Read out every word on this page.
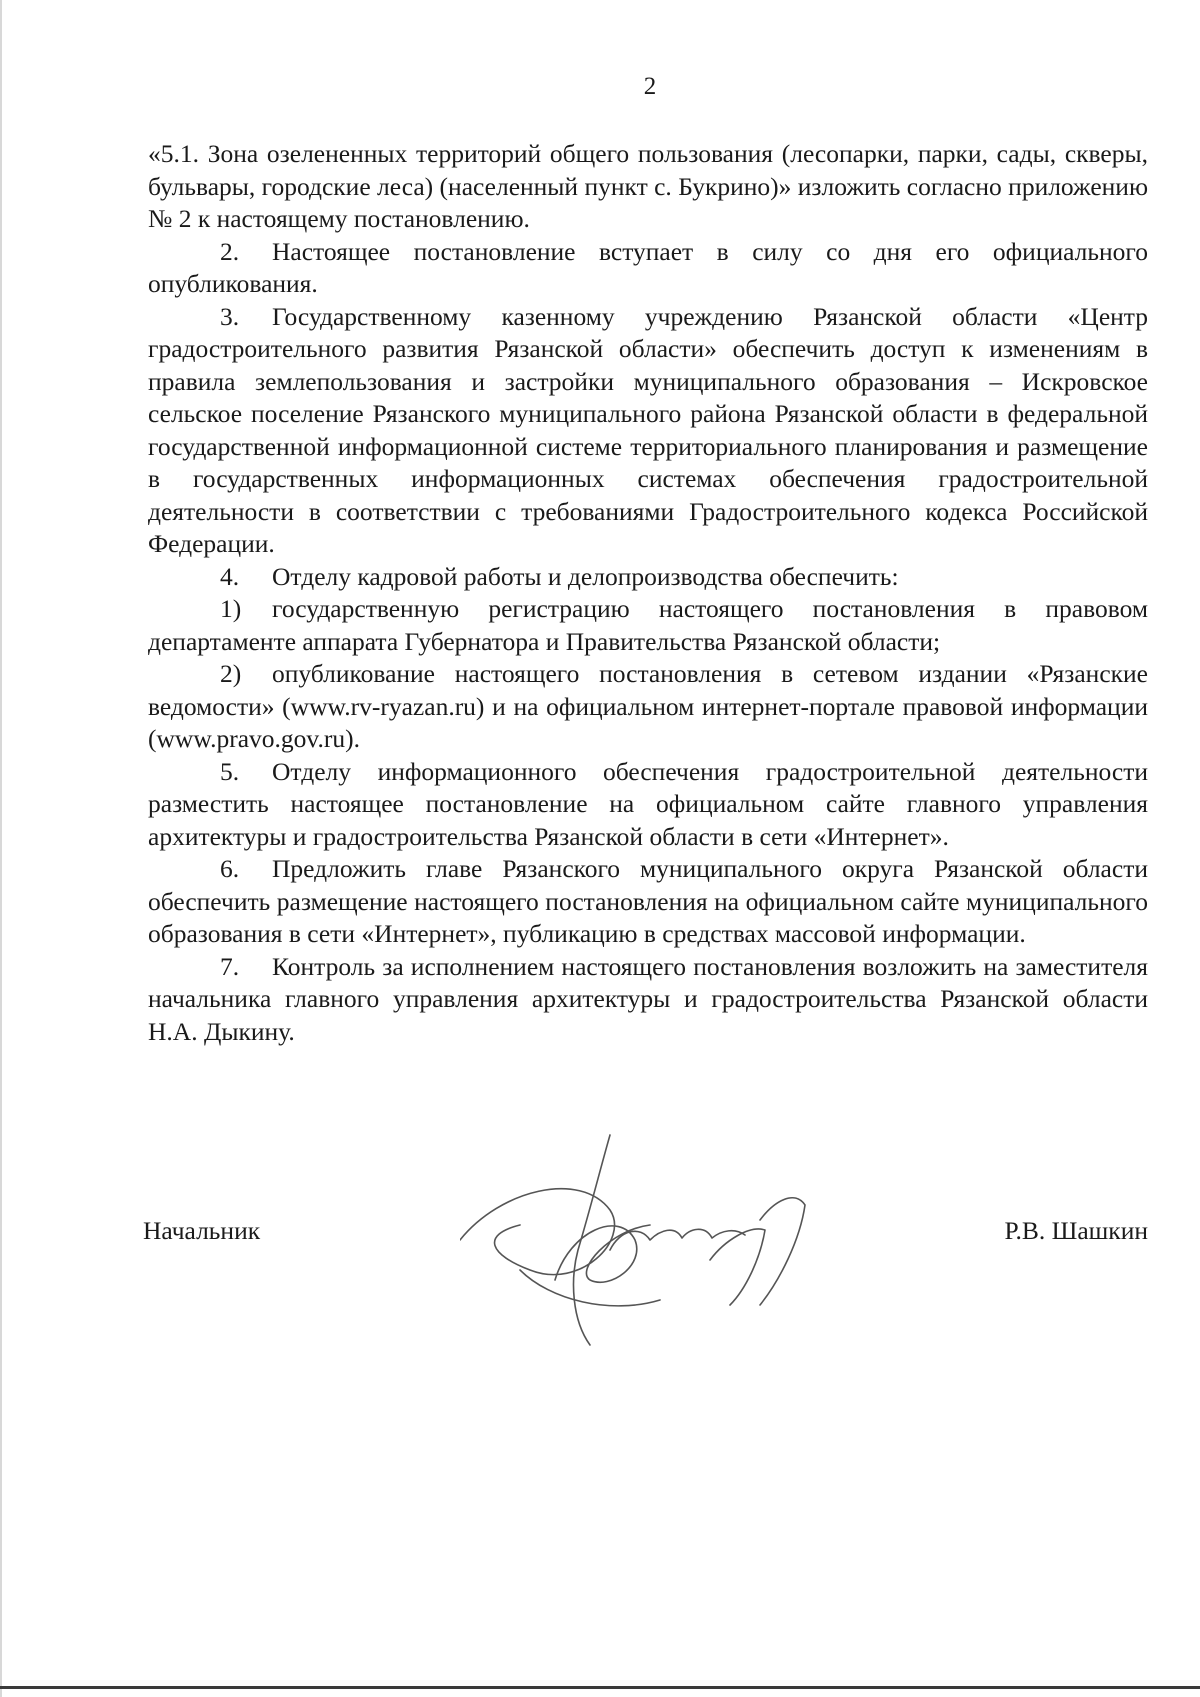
2

«5.1. Зона озелененных территорий общего пользования (лесопарки, парки, сады, скверы, бульвары, городские леса) (населенный пункт с. Букрино)» изложить согласно приложению № 2 к настоящему постановлению.

2. Настоящее постановление вступает в силу со дня его официального опубликования.

3. Государственному казенному учреждению Рязанской области «Центр градостроительного развития Рязанской области» обеспечить доступ к изменениям в правила землепользования и застройки муниципального образования – Искровское сельское поселение Рязанского муниципального района Рязанской области в федеральной государственной информационной системе территориального планирования и размещение в государственных информационных системах обеспечения градостроительной деятельности в соответствии с требованиями Градостроительного кодекса Российской Федерации.

4. Отделу кадровой работы и делопроизводства обеспечить:

1) государственную регистрацию настоящего постановления в правовом департаменте аппарата Губернатора и Правительства Рязанской области;

2) опубликование настоящего постановления в сетевом издании «Рязанские ведомости» (www.rv-ryazan.ru) и на официальном интернет-портале правовой информации (www.pravo.gov.ru).

5. Отделу информационного обеспечения градостроительной деятельности разместить настоящее постановление на официальном сайте главного управления архитектуры и градостроительства Рязанской области в сети «Интернет».

6. Предложить главе Рязанского муниципального округа Рязанской области обеспечить размещение настоящего постановления на официальном сайте муниципального образования в сети «Интернет», публикацию в средствах массовой информации.

7. Контроль за исполнением настоящего постановления возложить на заместителя начальника главного управления архитектуры и градостроительства Рязанской области Н.А. Дыкину.

Начальник	Р.В. Шашкин
